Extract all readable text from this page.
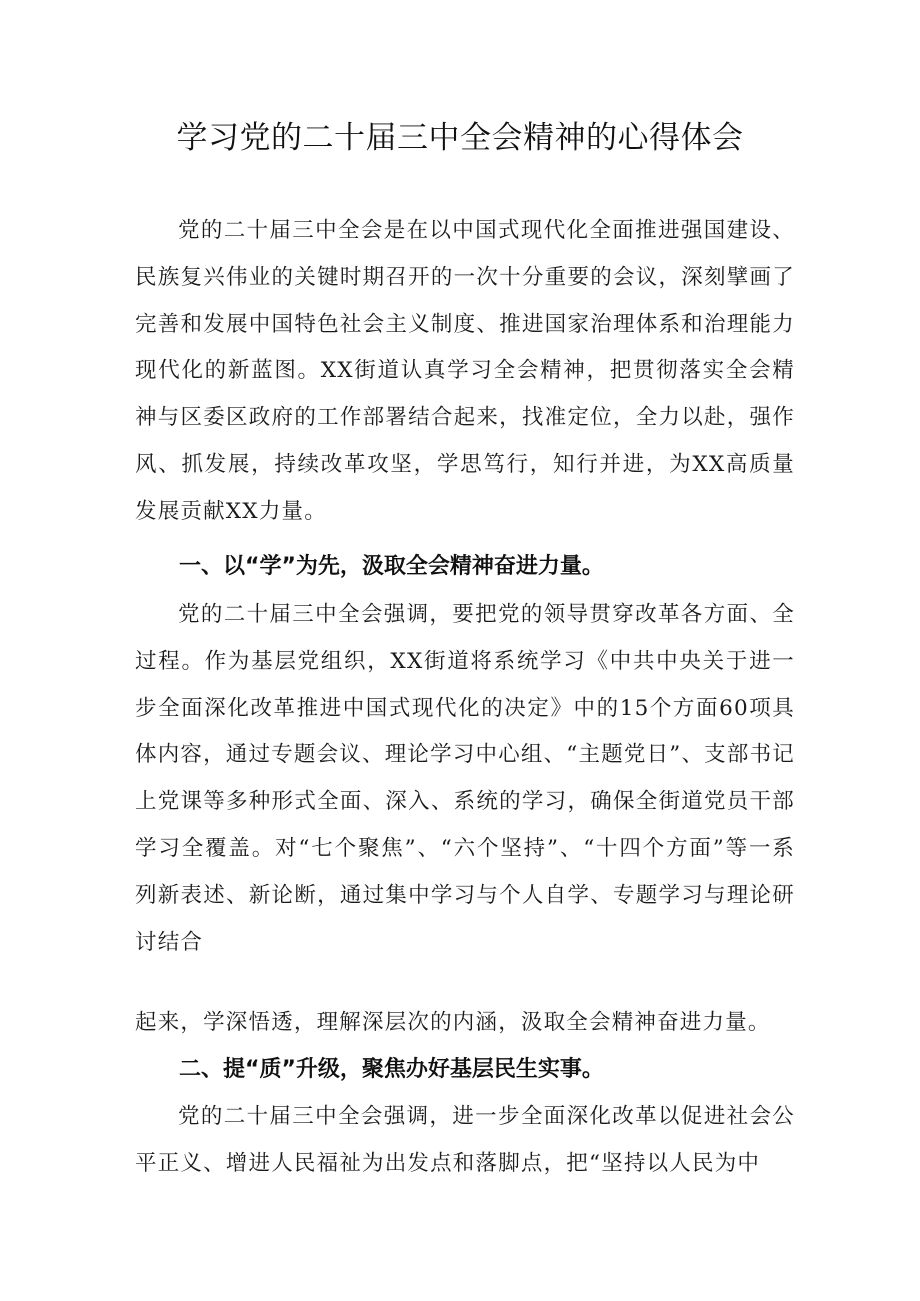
学习党的二十届三中全会精神的心得体会

党的二十届三中全会是在以中国式现代化全面推进强国建设、民族复兴伟业的关键时期召开的一次十分重要的会议，深刻擘画了完善和发展中国特色社会主义制度、推进国家治理体系和治理能力现代化的新蓝图。XX街道认真学习全会精神，把贯彻落实全会精神与区委区政府的工作部署结合起来，找准定位，全力以赴，强作风、抓发展，持续改革攻坚，学思笃行，知行并进，为XX高质量发展贡献XX力量。

一、以“学”为先，汲取全会精神奋进力量。

党的二十届三中全会强调，要把党的领导贯穿改革各方面、全过程。作为基层党组织，XX街道将系统学习《中共中央关于进一步全面深化改革推进中国式现代化的决定》中的15个方面60项具体内容，通过专题会议、理论学习中心组、“主题党日”、支部书记上党课等多种形式全面、深入、系统的学习，确保全街道党员干部学习全覆盖。对“七个聚焦”、“六个坚持”、“十四个方面”等一系列新表述、新论断，通过集中学习与个人自学、专题学习与理论研讨结合

起来，学深悟透，理解深层次的内涵，汲取全会精神奋进力量。

二、提“质”升级，聚焦办好基层民生实事。

党的二十届三中全会强调，进一步全面深化改革以促进社会公平正义、增进人民福祉为出发点和落脚点，把“坚持以人民为中
